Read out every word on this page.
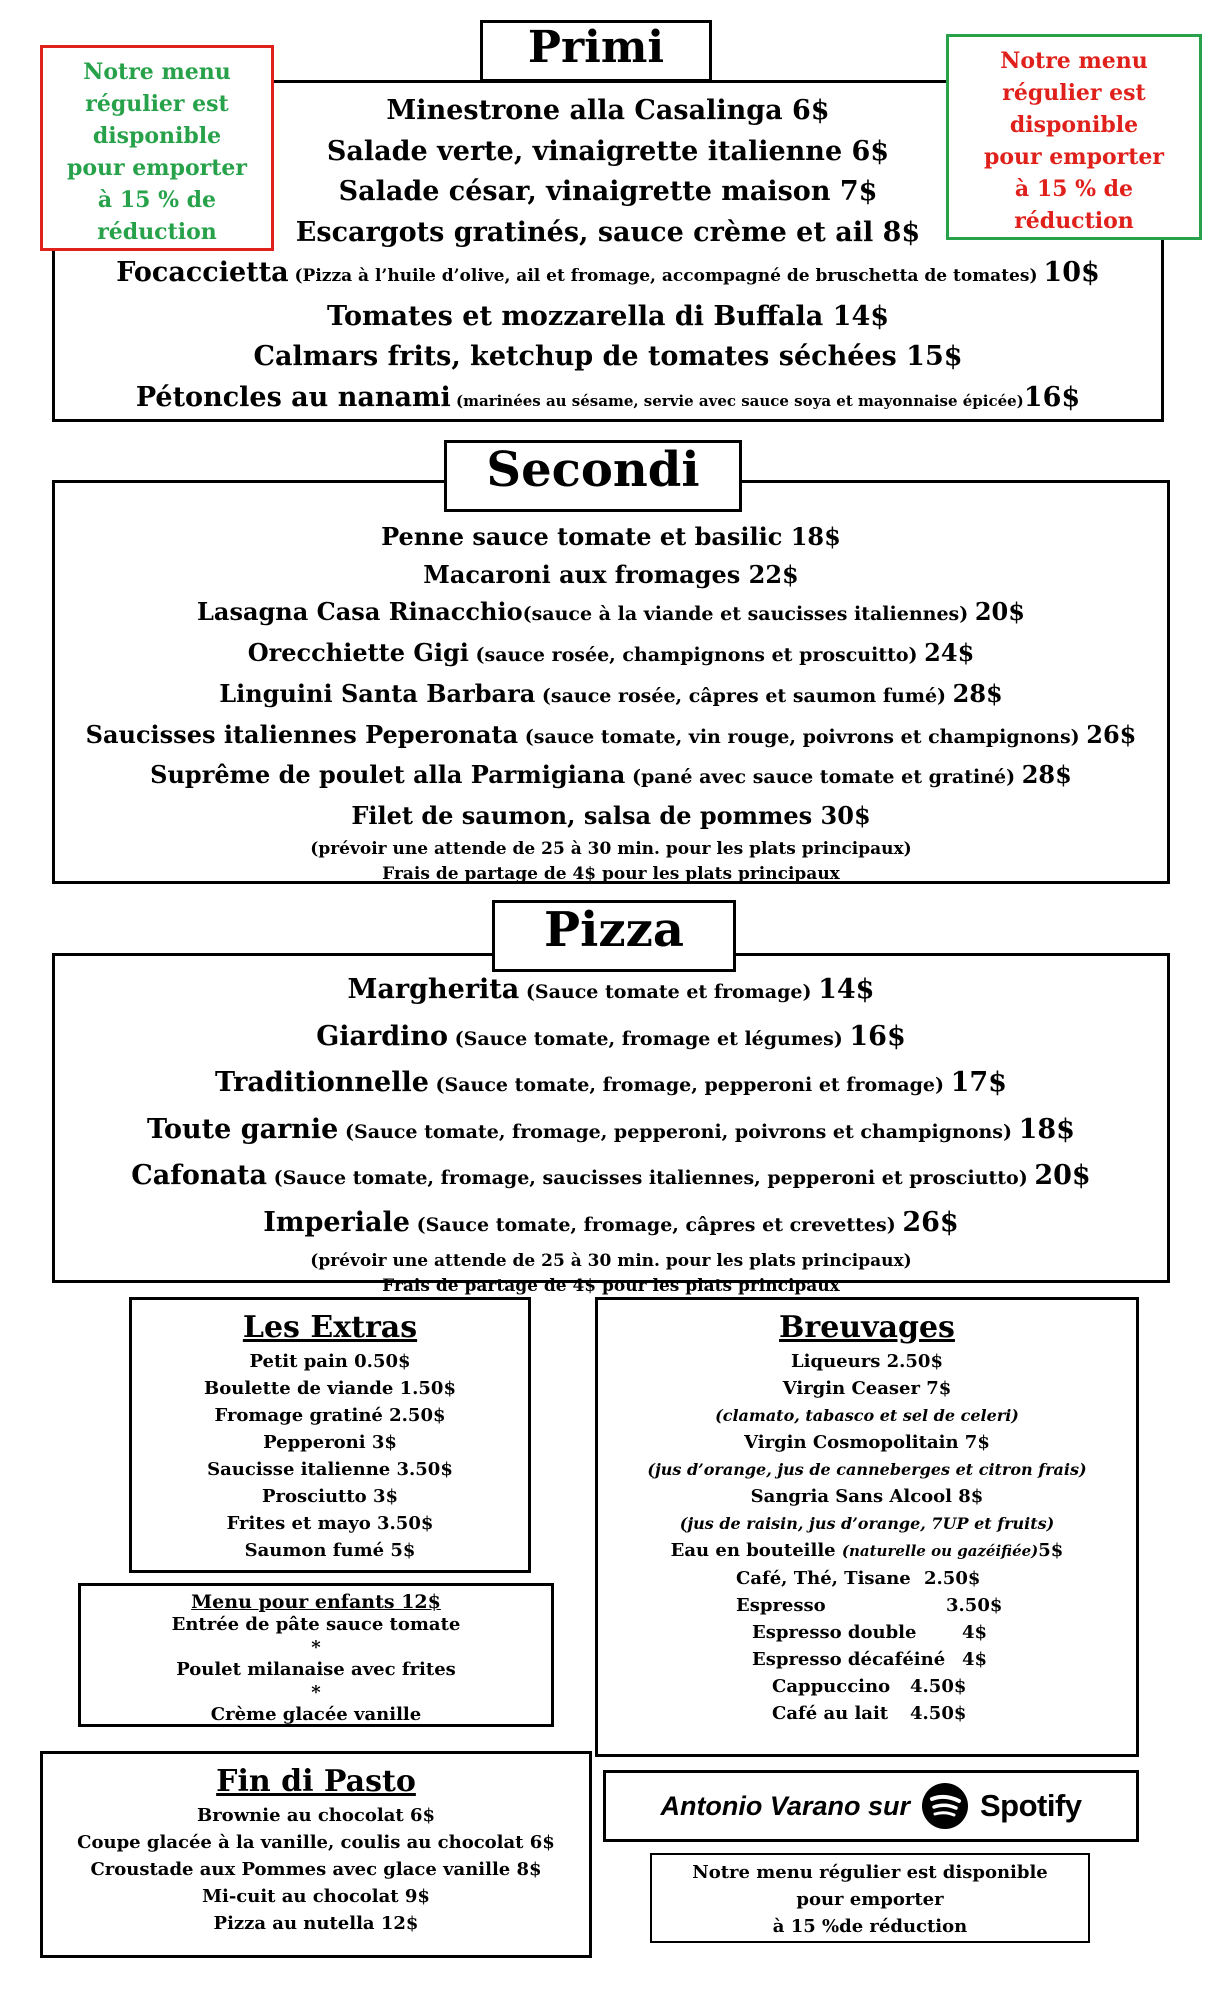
Primi
Minestrone alla Casalinga 6$
Salade verte, vinaigrette italienne 6$
Salade césar, vinaigrette maison 7$
Escargots gratinés, sauce crème et ail 8$
Focaccietta (Pizza à l’huile d’olive, ail et fromage, accompagné de bruschetta de tomates) 10$
Tomates et mozzarella di Buffala 14$
Calmars frits, ketchup de tomates séchées 15$
Pétoncles au nanami (marinées au sésame, servie avec sauce soya et mayonnaise épicée)16$
Notre menu
régulier est
disponible
pour emporter
à 15 % de
réduction
Notre menu
régulier est
disponible
pour emporter
à 15 % de
réduction
Secondi
Penne sauce tomate et basilic 18$
Macaroni aux fromages 22$
Lasagna Casa Rinacchio(sauce à la viande et saucisses italiennes) 20$
Orecchiette Gigi (sauce rosée, champignons et proscuitto) 24$
Linguini Santa Barbara (sauce rosée, câpres et saumon fumé) 28$
Saucisses italiennes Peperonata (sauce tomate, vin rouge, poivrons et champignons) 26$
Suprême de poulet alla Parmigiana (pané avec sauce tomate et gratiné) 28$
Filet de saumon, salsa de pommes 30$
(prévoir une attende de 25 à 30 min. pour les plats principaux)
Frais de partage de 4$ pour les plats principaux
Pizza
Margherita (Sauce tomate et fromage) 14$
Giardino (Sauce tomate, fromage et légumes) 16$
Traditionnelle (Sauce tomate, fromage, pepperoni et fromage) 17$
Toute garnie (Sauce tomate, fromage, pepperoni, poivrons et champignons) 18$
Cafonata (Sauce tomate, fromage, saucisses italiennes, pepperoni et prosciutto) 20$
Imperiale (Sauce tomate, fromage, câpres et crevettes) 26$
(prévoir une attende de 25 à 30 min. pour les plats principaux)
Frais de partage de 4$ pour les plats principaux
Les Extras
Petit pain 0.50$
Boulette de viande 1.50$
Fromage gratiné 2.50$
Pepperoni 3$
Saucisse italienne 3.50$
Prosciutto 3$
Frites et mayo 3.50$
Saumon fumé 5$
Menu pour enfants 12$
Entrée de pâte sauce tomate
*
Poulet milanaise avec frites
*
Crème glacée vanille
Fin di Pasto
Brownie au chocolat 6$
Coupe glacée à la vanille, coulis au chocolat 6$
Croustade aux Pommes avec glace vanille 8$
Mi-cuit au chocolat 9$
Pizza au nutella 12$
Breuvages
Liqueurs 2.50$
Virgin Ceaser 7$
(clamato, tabasco et sel de celeri)
Virgin Cosmopolitain 7$
(jus d’orange, jus de canneberges et citron frais)
Sangria Sans Alcool 8$
(jus de raisin, jus d’orange, 7UP et fruits)
Eau en bouteille (naturelle ou gazéifiée)5$
Café, Thé, Tisane 2.50$
Espresso	3.50$
Espresso double	4$
Espresso décaféiné 4$
Cappuccino	4.50$
Café au lait	4.50$
Antonio Varano sur Spotify
Notre menu régulier est disponible
pour emporter
à 15 %de réduction
